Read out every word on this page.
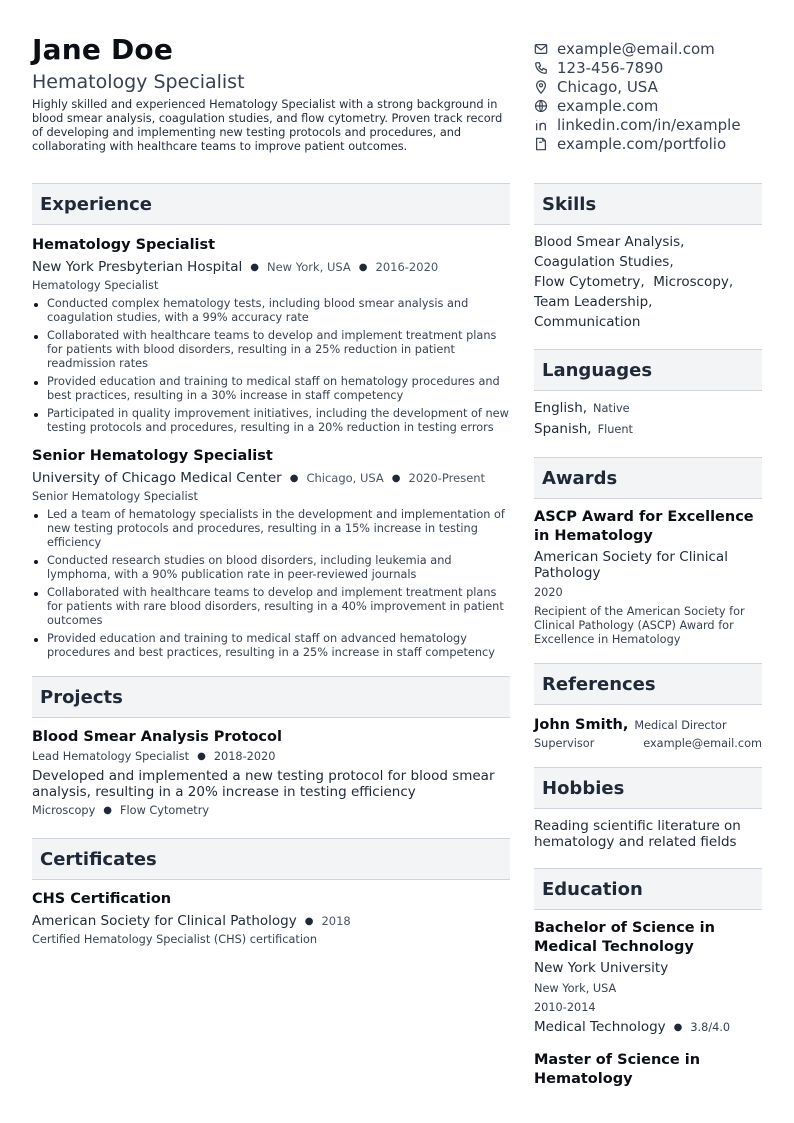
Jane Doe
Hematology Specialist
Highly skilled and experienced Hematology Specialist with a strong background in blood smear analysis, coagulation studies, and flow cytometry. Proven track record of developing and implementing new testing protocols and procedures, and collaborating with healthcare teams to improve patient outcomes.
example@email.com
123-456-7890
Chicago, USA
example.com
linkedin.com/in/example
example.com/portfolio
Experience
Hematology Specialist
New York Presbyterian Hospital ● New York, USA ● 2016-2020
Hematology Specialist
Conducted complex hematology tests, including blood smear analysis and coagulation studies, with a 99% accuracy rate
Collaborated with healthcare teams to develop and implement treatment plans for patients with blood disorders, resulting in a 25% reduction in patient readmission rates
Provided education and training to medical staff on hematology procedures and best practices, resulting in a 30% increase in staff competency
Participated in quality improvement initiatives, including the development of new testing protocols and procedures, resulting in a 20% reduction in testing errors
Senior Hematology Specialist
University of Chicago Medical Center ● Chicago, USA ● 2020-Present
Senior Hematology Specialist
Led a team of hematology specialists in the development and implementation of new testing protocols and procedures, resulting in a 15% increase in testing efficiency
Conducted research studies on blood disorders, including leukemia and lymphoma, with a 90% publication rate in peer-reviewed journals
Collaborated with healthcare teams to develop and implement treatment plans for patients with rare blood disorders, resulting in a 40% improvement in patient outcomes
Provided education and training to medical staff on advanced hematology procedures and best practices, resulting in a 25% increase in staff competency
Projects
Blood Smear Analysis Protocol
Lead Hematology Specialist ● 2018-2020
Developed and implemented a new testing protocol for blood smear analysis, resulting in a 20% increase in testing efficiency
Microscopy ● Flow Cytometry
Certificates
CHS Certification
American Society for Clinical Pathology ● 2018
Certified Hematology Specialist (CHS) certification
Skills
Blood Smear Analysis,
Coagulation Studies,
Flow Cytometry, Microscopy,
Team Leadership,
Communication
Languages
English, Native
Spanish, Fluent
Awards
ASCP Award for Excellence in Hematology
American Society for Clinical Pathology
2020
Recipient of the American Society for Clinical Pathology (ASCP) Award for Excellence in Hematology
References
John Smith, Medical Director
Supervisor	example@email.com
Hobbies
Reading scientific literature on hematology and related fields
Education
Bachelor of Science in Medical Technology
New York University
New York, USA
2010-2014
Medical Technology ● 3.8/4.0
Master of Science in Hematology
